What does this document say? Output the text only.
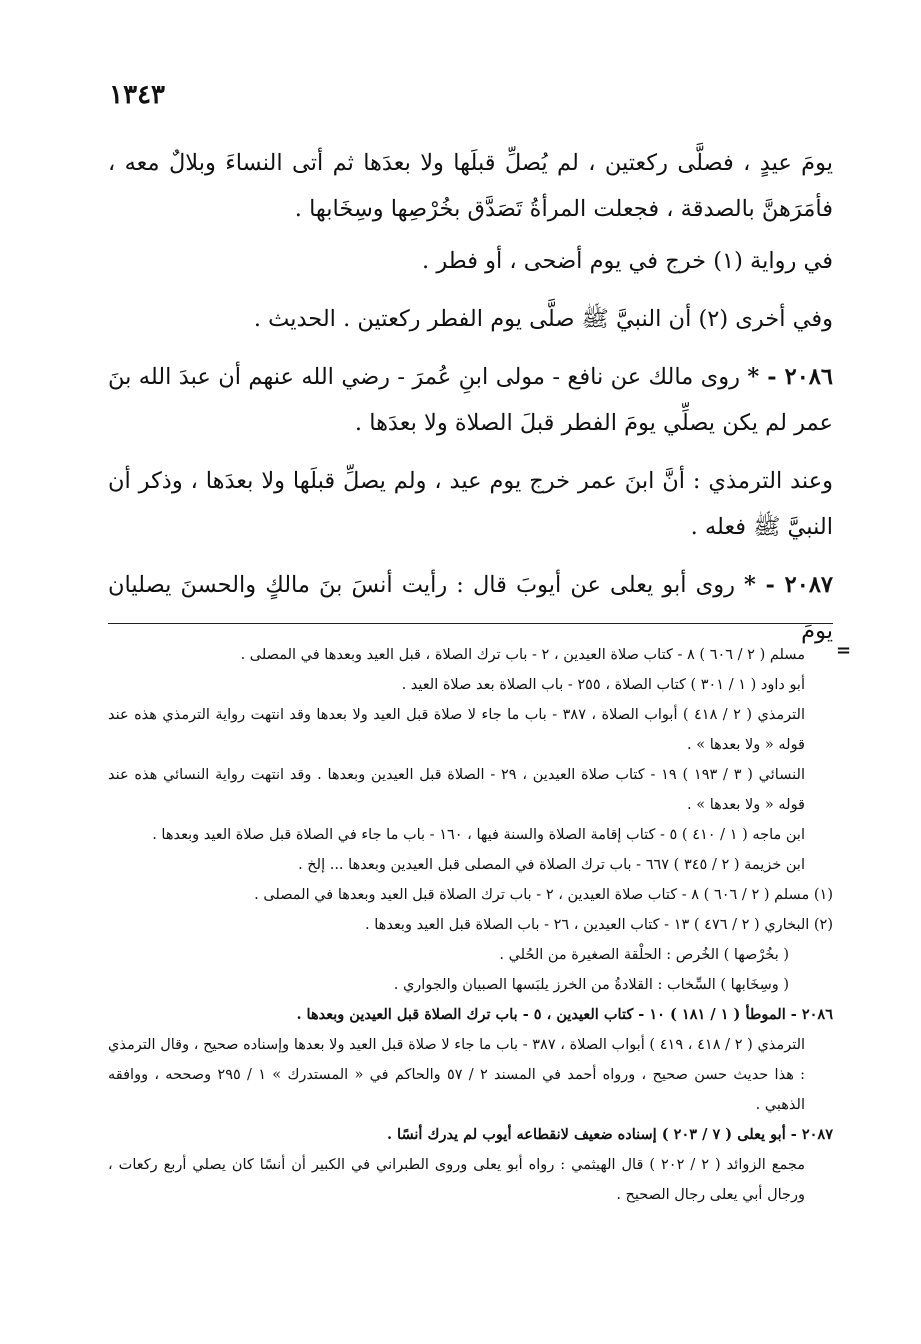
١٣٤٣

يومَ عيدٍ ، فصلَّى ركعتين ، لم يُصلِّ قبلَها ولا بعدَها ثم أتى النساءَ وبلالٌ معه ، فأمَرَهنَّ بالصدقة ، فجعلت المرأةُ تَصَدَّق بخُرْصِها وسِخَابها .

في رواية (١) خرج في يوم أضحى ، أو فطر .

وفي أخرى (٢) أن النبيَّ ﷺ صلَّى يوم الفطر ركعتين . الحديث .

٢٠٨٦ - * روى مالك عن نافع - مولى ابنِ عُمرَ - رضي الله عنهم أن عبدَ الله بنَ عمر لم يكن يصلِّي يومَ الفطر قبلَ الصلاة ولا بعدَها .

وعند الترمذي : أنَّ ابنَ عمر خرج يوم عيد ، ولم يصلِّ قبلَها ولا بعدَها ، وذكر أن النبيَّ ﷺ فعله .

٢٠٨٧ - * روى أبو يعلى عن أيوبَ قال : رأيت أنسَ بنَ مالكٍ والحسنَ يصليان يومَ

=
مسلم ( ٢ / ٦٠٦ ) ٨ - كتاب صلاة العيدين ، ٢ - باب ترك الصلاة ، قبل العيد وبعدها في المصلى .
أبو داود ( ١ / ٣٠١ ) كتاب الصلاة ، ٢٥٥ - باب الصلاة بعد صلاة العيد .
الترمذي ( ٢ / ٤١٨ ) أبواب الصلاة ، ٣٨٧ - باب ما جاء لا صلاة قبل العيد ولا بعدها وقد انتهت رواية الترمذي هذه عند قوله « ولا بعدها » .
النسائي ( ٣ / ١٩٣ ) ١٩ - كتاب صلاة العيدين ، ٢٩ - الصلاة قبل العيدين وبعدها . وقد انتهت رواية النسائي هذه عند قوله « ولا بعدها » .
ابن ماجه ( ١ / ٤١٠ ) ٥ - كتاب إقامة الصلاة والسنة فيها ، ١٦٠ - باب ما جاء في الصلاة قبل صلاة العيد وبعدها .
ابن خزيمة ( ٢ / ٣٤٥ ) ٦٦٧ - باب ترك الصلاة في المصلى قبل العيدين وبعدها ... إلخ .
(١) مسلم ( ٢ / ٦٠٦ ) ٨ - كتاب صلاة العيدين ، ٢ - باب ترك الصلاة قبل العيد وبعدها في المصلى .
(٢) البخاري ( ٢ / ٤٧٦ ) ١٣ - كتاب العيدين ، ٢٦ - باب الصلاة قبل العيد وبعدها .
( بخُرْصها ) الخُرص : الحلْقة الصغيرة من الحُلي .
( وسِخَابها ) السِّخاب : القلادةُ من الخرز يلبَسها الصبيان والجواري .
٢٠٨٦ - الموطأ ( ١ / ١٨١ ) ١٠ - كتاب العيدين ، ٥ - باب ترك الصلاة قبل العيدين وبعدها .
الترمذي ( ٢ / ٤١٨ ، ٤١٩ ) أبواب الصلاة ، ٣٨٧ - باب ما جاء لا صلاة قبل العيد ولا بعدها وإسناده صحيح ، وقال الترمذي : هذا حديث حسن صحيح ، ورواه أحمد في المسند ٢ / ٥٧ والحاكم في « المستدرك » ١ / ٢٩٥ وصححه ، ووافقه الذهبي .
٢٠٨٧ - أبو يعلى ( ٧ / ٢٠٣ ) إسناده ضعيف لانقطاعه أيوب لم يدرك أنسًا .
مجمع الزوائد ( ٢ / ٢٠٢ ) قال الهيثمي : رواه أبو يعلى وروى الطبراني في الكبير أن أنسًا كان يصلي أربع ركعات ، ورجال أبي يعلى رجال الصحيح .
